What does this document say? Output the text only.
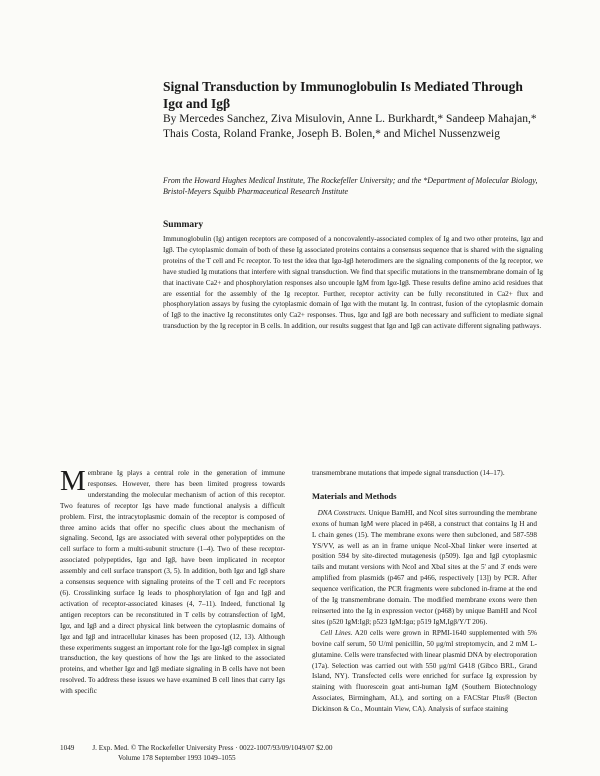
Signal Transduction by Immunoglobulin Is Mediated Through Igα and Igβ
By Mercedes Sanchez, Ziva Misulovin, Anne L. Burkhardt,* Sandeep Mahajan,* Thais Costa, Roland Franke, Joseph B. Bolen,* and Michel Nussenzweig
From the Howard Hughes Medical Institute, The Rockefeller University; and the *Department of Molecular Biology, Bristol-Meyers Squibb Pharmaceutical Research Institute
Summary
Immunoglobulin (Ig) antigen receptors are composed of a noncovalently-associated complex of Ig and two other proteins, Igα and Igβ. The cytoplasmic domain of both of these Ig associated proteins contains a consensus sequence that is shared with the signaling proteins of the T cell and Fc receptor. To test the idea that Igα-Igβ heterodimers are the signaling components of the Ig receptor, we have studied Ig mutations that interfere with signal transduction. We find that specific mutations in the transmembrane domain of Ig that inactivate Ca2+ and phosphorylation responses also uncouple IgM from Igα-Igβ. These results define amino acid residues that are essential for the assembly of the Ig receptor. Further, receptor activity can be fully reconstituted in Ca2+ flux and phosphorylation assays by fusing the cytoplasmic domain of Igα with the mutant Ig. In contrast, fusion of the cytoplasmic domain of Igβ to the inactive Ig reconstitutes only Ca2+ responses. Thus, Igα and Igβ are both necessary and sufficient to mediate signal transduction by the Ig receptor in B cells. In addition, our results suggest that Igα and Igβ can activate different signaling pathways.

Membrane Ig plays a central role in the generation of immune responses. However, there has been limited progress towards understanding the molecular mechanism of action of this receptor. Two features of receptor Igs have made functional analysis a difficult problem. First, the intracytoplasmic domain of the receptor is composed of three amino acids that offer no specific clues about the mechanism of signaling. Second, Igs are associated with several other polypeptides on the cell surface to form a multi-subunit structure (1–4). Two of these receptor-associated polypeptides, Igα and Igβ, have been implicated in receptor assembly and cell surface transport (3, 5). In addition, both Igα and Igβ share a consensus sequence with signaling proteins of the T cell and Fc receptors (6). Crosslinking surface Ig leads to phosphorylation of Igα and Igβ and activation of receptor-associated kinases (4, 7–11). Indeed, functional Ig antigen receptors can be reconstituted in T cells by cotransfection of IgM, Igα, and Igβ and a direct physical link between the cytoplasmic domains of Igα and Igβ and intracellular kinases has been proposed (12, 13). Although these experiments suggest an important role for the Igα-Igβ complex in signal transduction, the key questions of how the Igs are linked to the associated proteins, and whether Igα and Igβ mediate signaling in B cells have not been resolved. To address these issues we have examined B cell lines that carry Igs with specific

transmembrane mutations that impede signal transduction (14–17).

Materials and Methods

DNA Constructs. Unique BamHI, and NcoI sites surrounding the membrane exons of human IgM were placed in p468, a construct that contains Ig H and L chain genes (15). The membrane exons were then subcloned, and 587-598 YS/VV, as well as an in frame unique NcoI-XbaI linker were inserted at position 594 by site-directed mutagenesis (p509). Igα and Igβ cytoplasmic tails and mutant versions with NcoI and XbaI sites at the 5' and 3' ends were amplified from plasmids (p467 and p466, respectively [13]) by PCR. After sequence verification, the PCR fragments were subcloned in-frame at the end of the Ig transmembrane domain. The modified membrane exons were then reinserted into the Ig in expression vector (p468) by unique BamHI and NcoI sites (p520 IgM:Igβ; p523 IgM:Igα; p519 IgM,Igβ/Y/T 206).

Cell Lines. A20 cells were grown in RPMI-1640 supplemented with 5% bovine calf serum, 50 U/ml penicillin, 50 μg/ml streptomycin, and 2 mM L-glutamine. Cells were transfected with linear plasmid DNA by electroporation (17a). Selection was carried out with 550 μg/ml G418 (Gibco BRL, Grand Island, NY). Transfected cells were enriched for surface Ig expression by staining with fluorescein goat anti-human IgM (Southern Biotechnology Associates, Birmingham, AL), and sorting on a FACStar Plus® (Becton Dickinson & Co., Mountain View, CA). Analysis of surface staining

1049	J. Exp. Med. © The Rockefeller University Press · 0022-1007/93/09/1049/07 $2.00
Volume 178 September 1993 1049–1055
